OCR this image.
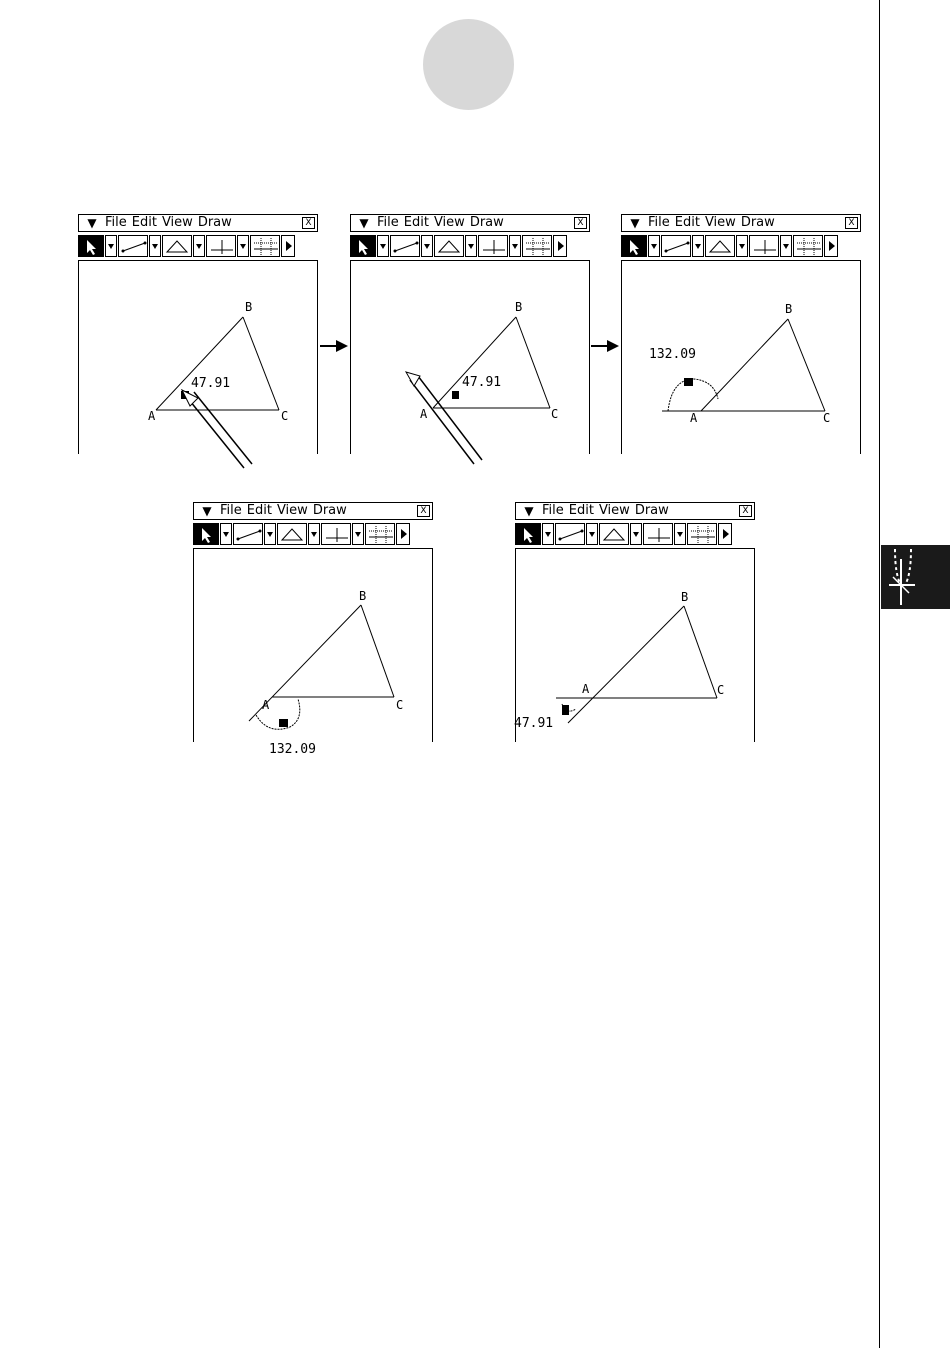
▼ File Edit View Draw	X
A
B
C
47.91
▼ File Edit View Draw	X
A
B
C
47.91
▼ File Edit View Draw	X
A
B
C
132.09
▼ File Edit View Draw	X
A
B
C
132.09
▼ File Edit View Draw	X
A
B
C
47.91
